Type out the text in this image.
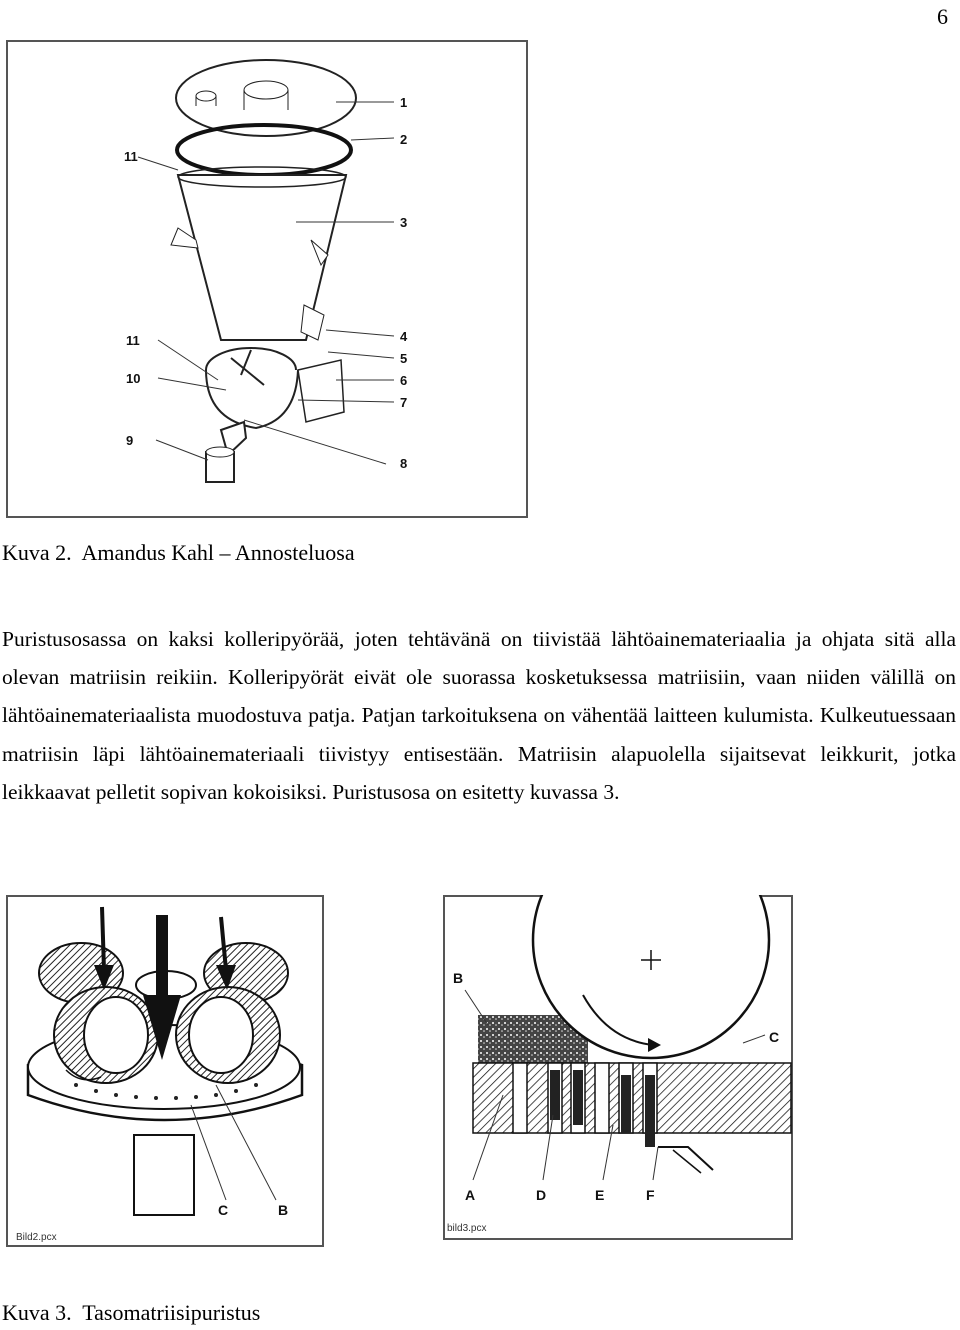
6
1
2
3
4
5
6
7
8
11
11
10
9
Kuva 2.  Amandus Kahl – Annosteluosa

Puristusosassa on kaksi kolleripyörää, joten tehtävänä on tiivistää lähtöainemateriaalia ja ohjata sitä alla olevan matriisin reikiin. Kolleripyörät eivät ole suorassa kosketuksessa matriisiin, vaan niiden välillä on lähtöainemateriaalista muodostuva patja. Patjan tarkoituksena on vähentää laitteen kulumista. Kulkeutuessaan matriisin läpi lähtöainemateriaali tiivistyy entisestään. Matriisin alapuolella sijaitsevat leikkurit, jotka leikkaavat pelletit sopivan kokoisiksi. Puristusosa on esitetty kuvassa 3.

C	B
Bild2.pcx
B
C
A	D	E	F
bild3.pcx
Kuva 3.  Tasomatriisipuristus
